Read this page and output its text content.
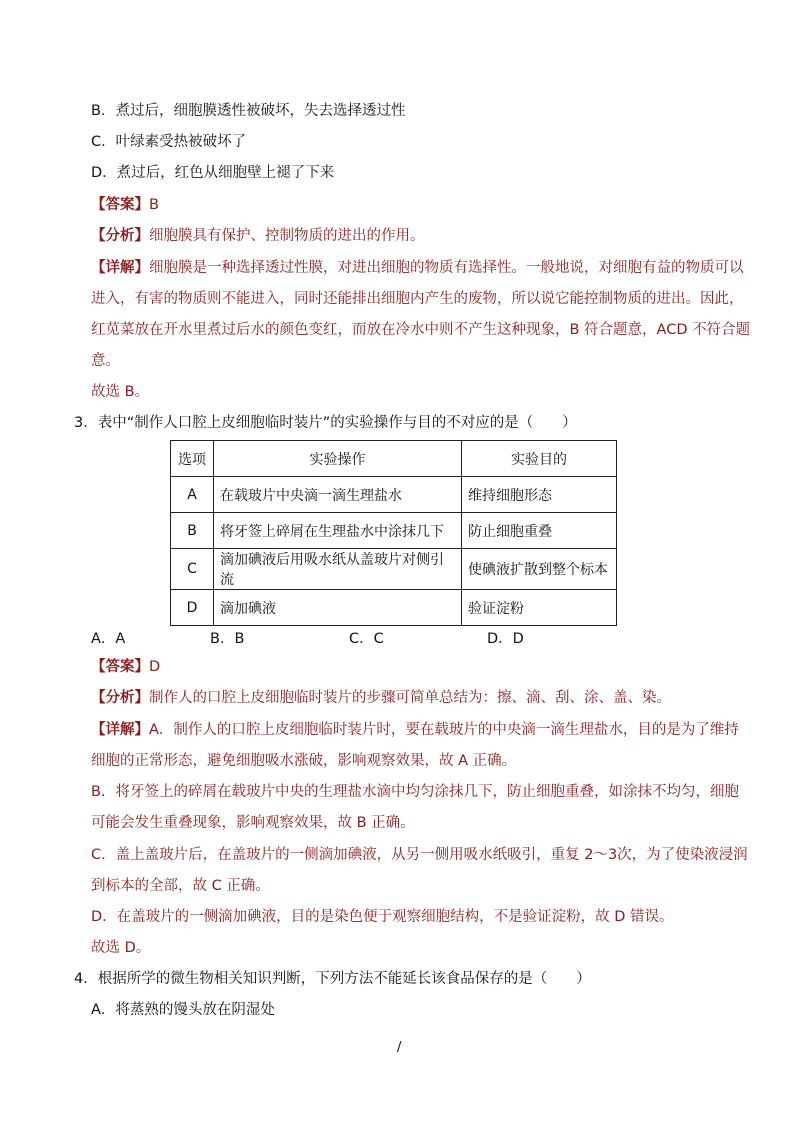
B．煮过后，细胞膜透性被破坏，失去选择透过性
C．叶绿素受热被破坏了
D．煮过后，红色从细胞壁上褪了下来
【答案】B
【分析】细胞膜具有保护、控制物质的进出的作用。
【详解】细胞膜是一种选择透过性膜，对进出细胞的物质有选择性。一般地说，对细胞有益的物质可以
进入，有害的物质则不能进入，同时还能排出细胞内产生的废物，所以说它能控制物质的进出。因此，
红苋菜放在开水里煮过后水的颜色变红，而放在冷水中则不产生这种现象，B 符合题意，ACD 不符合题
意。
故选 B。
3．表中“制作人口腔上皮细胞临时装片”的实验操作与目的不对应的是（　　）
选项	实验操作	实验目的
A	在载玻片中央滴一滴生理盐水	维持细胞形态
B	将牙签上碎屑在生理盐水中涂抹几下	防止细胞重叠
C	滴加碘液后用吸水纸从盖玻片对侧引流	使碘液扩散到整个标本
D	滴加碘液	验证淀粉
A．A	B．B	C．C	D．D
【答案】D
【分析】制作人的口腔上皮细胞临时装片的步骤可简单总结为：擦、滴、刮、涂、盖、染。
【详解】A．制作人的口腔上皮细胞临时装片时，要在载玻片的中央滴一滴生理盐水，目的是为了维持
细胞的正常形态，避免细胞吸水涨破，影响观察效果，故 A 正确。
B．将牙签上的碎屑在载玻片中央的生理盐水滴中均匀涂抹几下，防止细胞重叠，如涂抹不均匀，细胞
可能会发生重叠现象，影响观察效果，故 B 正确。
C．盖上盖玻片后，在盖玻片的一侧滴加碘液，从另一侧用吸水纸吸引，重复 2～3次，为了使染液浸润
到标本的全部，故 C 正确。
D．在盖玻片的一侧滴加碘液，目的是染色便于观察细胞结构，不是验证淀粉，故 D 错误。
故选 D。
4．根据所学的微生物相关知识判断，下列方法不能延长该食品保存的是（　　）
A．将蒸熟的馒头放在阴湿处
/
